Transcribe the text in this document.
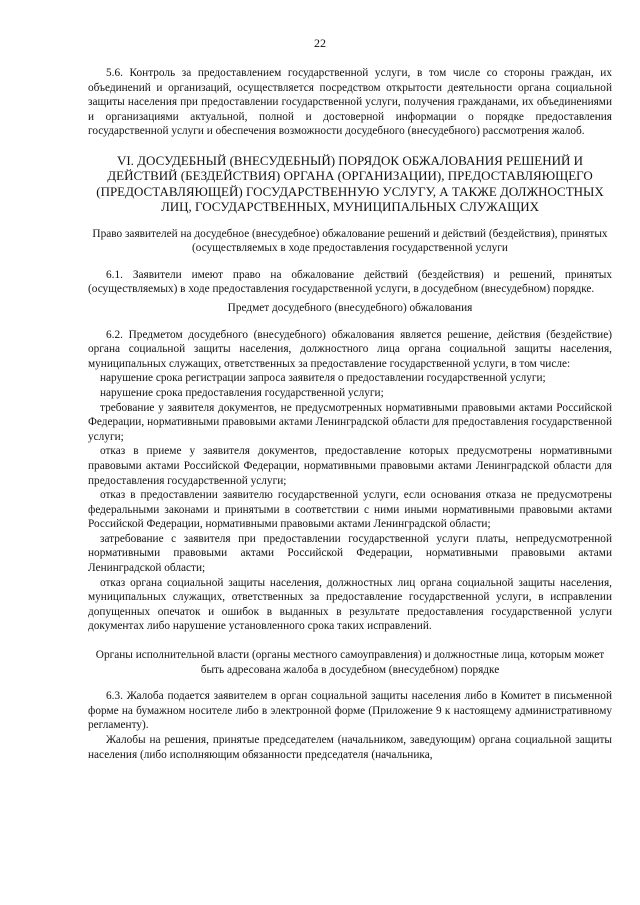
22

5.6. Контроль за предоставлением государственной услуги, в том числе со стороны граждан, их объединений и организаций, осуществляется посредством открытости деятельности органа социальной защиты населения при предоставлении государственной услуги, получения гражданами, их объединениями и организациями актуальной, полной и достоверной информации о порядке предоставления государственной услуги и обеспечения возможности досудебного (внесудебного) рассмотрения жалоб.

VI. ДОСУДЕБНЫЙ (ВНЕСУДЕБНЫЙ) ПОРЯДОК ОБЖАЛОВАНИЯ РЕШЕНИЙ И ДЕЙСТВИЙ (БЕЗДЕЙСТВИЯ) ОРГАНА (ОРГАНИЗАЦИИ), ПРЕДОСТАВЛЯЮЩЕГО (ПРЕДОСТАВЛЯЮЩЕЙ) ГОСУДАРСТВЕННУЮ УСЛУГУ, А ТАКЖЕ ДОЛЖНОСТНЫХ ЛИЦ, ГОСУДАРСТВЕННЫХ, МУНИЦИПАЛЬНЫХ СЛУЖАЩИХ

Право заявителей на досудебное (внесудебное) обжалование решений и действий (бездействия), принятых (осуществляемых в ходе предоставления государственной услуги

6.1. Заявители имеют право на обжалование действий (бездействия) и решений, принятых (осуществляемых) в ходе предоставления государственной услуги, в досудебном (внесудебном) порядке.

Предмет досудебного (внесудебного) обжалования

6.2. Предметом досудебного (внесудебного) обжалования является решение, действия (бездействие) органа социальной защиты населения, должностного лица органа социальной защиты населения, муниципальных служащих, ответственных за предоставление государственной услуги, в том числе:

нарушение срока регистрации запроса заявителя о предоставлении государственной услуги;

нарушение срока предоставления государственной услуги;

требование у заявителя документов, не предусмотренных нормативными правовыми актами Российской Федерации, нормативными правовыми актами Ленинградской области для предоставления государственной услуги;

отказ в приеме у заявителя документов, предоставление которых предусмотрены нормативными правовыми актами Российской Федерации, нормативными правовыми актами Ленинградской области для предоставления государственной услуги;

отказ в предоставлении заявителю государственной услуги, если основания отказа не предусмотрены федеральными законами и принятыми в соответствии с ними иными нормативными правовыми актами Российской Федерации, нормативными правовыми актами Ленинградской области;

затребование с заявителя при предоставлении государственной услуги платы, непредусмотренной нормативными правовыми актами Российской Федерации, нормативными правовыми актами Ленинградской области;

отказ органа социальной защиты населения, должностных лиц органа социальной защиты населения, муниципальных служащих, ответственных за предоставление государственной услуги, в исправлении допущенных опечаток и ошибок в выданных в результате предоставления государственной услуги документах либо нарушение установленного срока таких исправлений.

Органы исполнительной власти (органы местного самоуправления) и должностные лица, которым может быть адресована жалоба в досудебном (внесудебном) порядке

6.3. Жалоба подается заявителем в орган социальной защиты населения либо в Комитет в письменной форме на бумажном носителе либо в электронной форме (Приложение 9 к настоящему административному регламенту).

Жалобы на решения, принятые председателем (начальником, заведующим) органа социальной защиты населения (либо исполняющим обязанности председателя (начальника,
